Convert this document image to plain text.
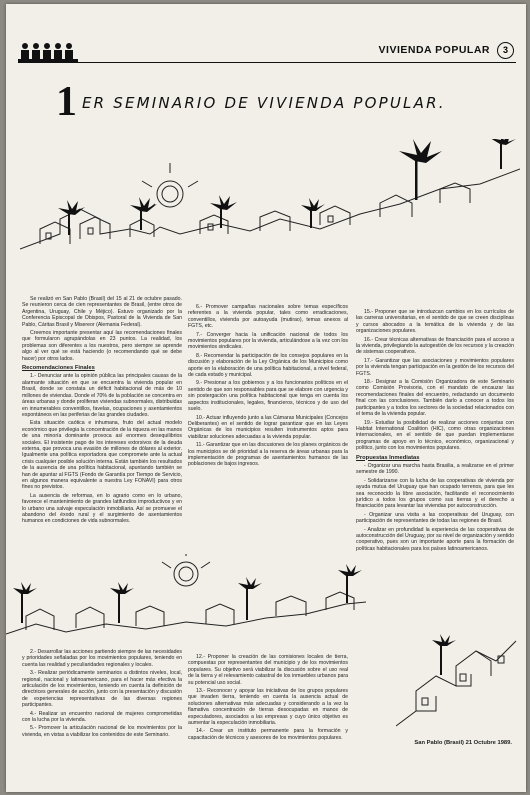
VIVIENDA POPULAR	3
1 ER SEMINARIO DE VIVIENDA POPULAR.

Se realizó en San Pablo (Brasil) del 15 al 21 de octubre pasado. Se reunieron cerca de cien representantes de Brasil, (entre otros de Argentina, Uruguay, Chile y Méjico). Estuvo organizado por la Conferencia Episcopal de Obispos, Pastoral de la Vivienda de San Pablo, Cáritas Brasil y Misereor (Alemania Federal).

Creemos importante presentar aquí las recomendaciones finales que formularon agrupándolas en 23 puntos. La realidad, los problemas son diferentes a los nuestros, pero siempre se aprende algo al ver qué se está haciendo (o recomendando qué se debe hacer) por otros lados.

Recomendaciones Finales

1.- Denunciar ante la opinión pública las principales causas de la alarmante situación en que se encuentra la vivienda popular en Brasil, donde se constata un déficit habitacional de más de 10 millones de viviendas. Donde el 70% de la población se concentra en áreas urbanas y donde proliferan viviendas subnormales, distribuidas en innumerables conventillos, favelas, ocupaciones y asentamientos espontáneos en las periferias de las grandes ciudades.

Esta situación caótica e inhumana, fruto del actual modelo económico que privilegia la concentración de la riqueza en las manos de una minoría dominante provoca así enormes desequilibrios sociales. El insistente pago de los intereses extorsivos de la deuda externa, que provoca una evasión de millones de dólares al exterior. Igualmente una política exportadora que compromete ante la actual crisis cualquier posible solución interna. Están también los resultados de la ausencia de una política habitacional, apuntando también se han de apuntar al FGTS (Fondo de Garantía por Tiempo de Servicio, en algunos manera equivalente a nuestra Ley FONAVI) para otros fines no previstos.

La ausencia de reformas, en lo agrario como en lo urbano, favorece el mantenimiento de grandes latifundios improductivos y en lo urbano una salvaje especulación inmobiliaria. Así se promueve el abandono del éxodo rural y el surgimiento de asentamientos humanos en condiciones de vida subnormales.

6.- Promover campañas nacionales sobre temas específicos referentes a la vivienda popular, tales como erradicaciones, conventillos, vivienda por autoayuda (mutirao), temas anexos al FGTS, etc.

7.- Converger hacia la unificación nacional de todos los movimientos populares por la vivienda, articulándose a la vez con los movimientos sindicales.

8.- Recomendar la participación de los consejos populares en la discusión y elaboración de la Ley Orgánica de los Municipios como aporte en la elaboración de una política habitacional, a nivel federal, de cada estado y municipal.

9.- Presionar a los gobiernos y a los funcionarios políticos en el sentido de que son responsables para que se elabore con urgencia y sin postergación una política habitacional que tenga en cuenta los aspectos institucionales, legales, financieros, técnicos y de uso del suelo.

10.- Actuar influyendo junto a las Cámaras Municipales (Concejos Deliberantes) en el sentido de lograr garantizar que en las Leyes Orgánicas de los municipios resulten instrumentos aptos para viabilizar soluciones adecuadas a la vivienda popular.

11.- Garantizar que en las discusiones de los planes orgánicos de los municipios se dé prioridad a la reserva de áreas urbanas para la implementación de programas de asentamientos humanos de las poblaciones de bajos ingresos.

15.- Proponer que se introduzcan cambios en los currículos de las carreras universitarias, en el sentido de que se creen disciplinas y cursos abocados a la temática de la vivienda y de las organizaciones populares.

16.- Crear técnicas alternativas de financiación para el acceso a la vivienda, privilegiando la autogestión de los recursos y la creación de sistemas cooperativos.

17.- Garantizar que las asociaciones y movimientos populares por la vivienda tengan participación en la gestión de los recursos del FGTS.

18.- Designar a la Comisión Organizadora de este Seminario como Comisión Provisoria, con el mandato de encauzar las recomendaciones finales del encuentro, redactando un documento final con las conclusiones. También darlo a conocer a todos los participantes y a todos los sectores de la sociedad relacionados con el tema de la vivienda popular.

19.- Estudiar la posibilidad de realizar acciones conjuntas con Habitat International Coalition (HIC), como otras organizaciones internacionales, en el sentido de que puedan implementarse programas de apoyo en lo técnico, económico, organizacional y político, junto con los movimientos populares.

Propuestas Inmediatas

- Organizar una marcha hasta Brasilia, a realizarse en el primer semestre de 1990.

- Solidarizarse con la lucha de las cooperativas de vivienda por ayuda mutua del Uruguay que han ocupado terrenos, para que les sea reconocido la libre asociación, facilitando el reconocimiento jurídico a todos los grupos como sus tierras y el derecho a financiación para levantar las viviendas por autoconstrucción.

- Organizar una visita a las cooperativas del Uruguay, con participación de representantes de todas las regiones de Brasil.

- Analizar en profundidad la experiencia de las cooperativas de autoconstrucción del Uruguay, por su nivel de organización y sentido cooperativo, pues son un importante aporte para la formación de políticas habitacionales para los países latinoamericanos.

2.- Desarrollar las acciones partiendo siempre de las necesidades y prioridades señaladas por los movimientos populares, teniendo en cuenta las realidad y peculiaridades regionales y locales.

3.- Realizar periódicamente seminarios a distintos niveles, local, regional, nacional y latinoamericano, para el hacer más efectiva la articulación de los movimientos, teniendo en cuenta la definición de directrices generales de acción, junto con la presentación y discusión de experiencias representativas de las diversas regiones participantes.

4.- Realizar un encuentro nacional de mujeres comprometidas con la lucha por la vivienda.

5.- Promover la articulación nacional de los movimientos por la vivienda, en vistas a viabilizar los contenidos de este Seminario.

12.- Proponer la creación de las comisiones locales de tierra, compuestas por representantes del municipio y de los movimientos populares. Su objetivo será viabilizar la discusión sobre el uso real de la tierra y el relevamiento catastral de los inmuebles urbanos para su potencial uso social.

13.- Reconocer y apoyar las iniciativas de los grupos populares que invaden tierra, teniendo en cuenta la ausencia actual de soluciones alternativas más adecuadas y considerando a la vez la flamativa concentración de tierras desocupadas en manos de especuladores, asociados a las empresas y cuyo único objetivo es aumentar la especulación inmobiliaria.

14.- Crear un instituto permanente para la formación y capacitación de técnicos y asesores de los movimientos populares.

San Pablo (Brasil) 21 Octubre 1989.
